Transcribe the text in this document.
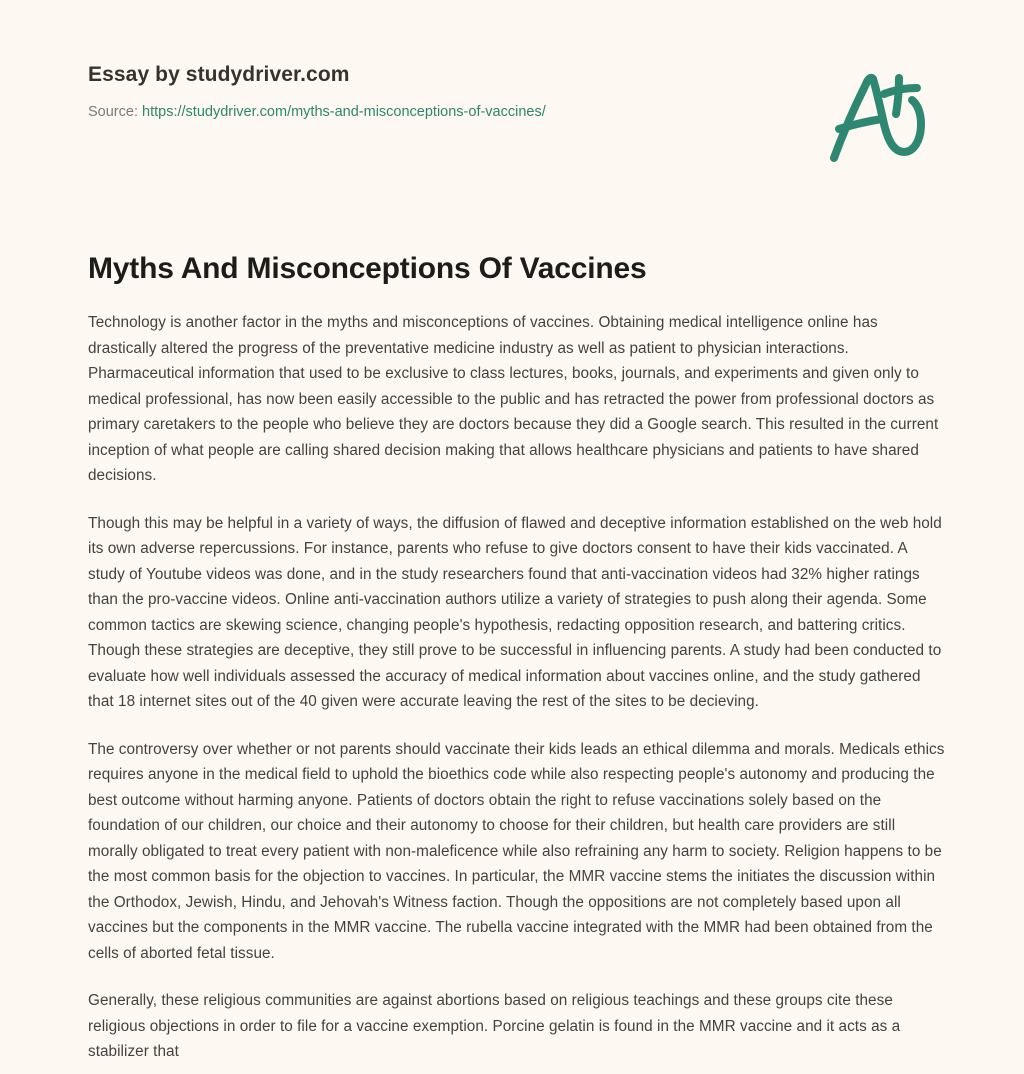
Essay by studydriver.com
Source: https://studydriver.com/myths-and-misconceptions-of-vaccines/
Myths And Misconceptions Of Vaccines

Technology is another factor in the myths and misconceptions of vaccines. Obtaining medical intelligence online has drastically altered the progress of the preventative medicine industry as well as patient to physician interactions. Pharmaceutical information that used to be exclusive to class lectures, books, journals, and experiments and given only to medical professional, has now been easily accessible to the public and has retracted the power from professional doctors as primary caretakers to the people who believe they are doctors because they did a Google search. This resulted in the current inception of what people are calling shared decision making that allows healthcare physicians and patients to have shared decisions.

Though this may be helpful in a variety of ways, the diffusion of flawed and deceptive information established on the web hold its own adverse repercussions. For instance, parents who refuse to give doctors consent to have their kids vaccinated. A study of Youtube videos was done, and in the study researchers found that anti-vaccination videos had 32% higher ratings than the pro-vaccine videos. Online anti-vaccination authors utilize a variety of strategies to push along their agenda. Some common tactics are skewing science, changing people's hypothesis, redacting opposition research, and battering critics. Though these strategies are deceptive, they still prove to be successful in influencing parents. A study had been conducted to evaluate how well individuals assessed the accuracy of medical information about vaccines online, and the study gathered that 18 internet sites out of the 40 given were accurate leaving the rest of the sites to be decieving.

The controversy over whether or not parents should vaccinate their kids leads an ethical dilemma and morals. Medicals ethics requires anyone in the medical field to uphold the bioethics code while also respecting people's autonomy and producing the best outcome without harming anyone. Patients of doctors obtain the right to refuse vaccinations solely based on the foundation of our children, our choice and their autonomy to choose for their children, but health care providers are still morally obligated to treat every patient with non-maleficence while also refraining any harm to society. Religion happens to be the most common basis for the objection to vaccines. In particular, the MMR vaccine stems the initiates the discussion within the Orthodox, Jewish, Hindu, and Jehovah's Witness faction. Though the oppositions are not completely based upon all vaccines but the components in the MMR vaccine. The rubella vaccine integrated with the MMR had been obtained from the cells of aborted fetal tissue.

Generally, these religious communities are against abortions based on religious teachings and these groups cite these religious objections in order to file for a vaccine exemption. Porcine gelatin is found in the MMR vaccine and it acts as a stabilizer that
